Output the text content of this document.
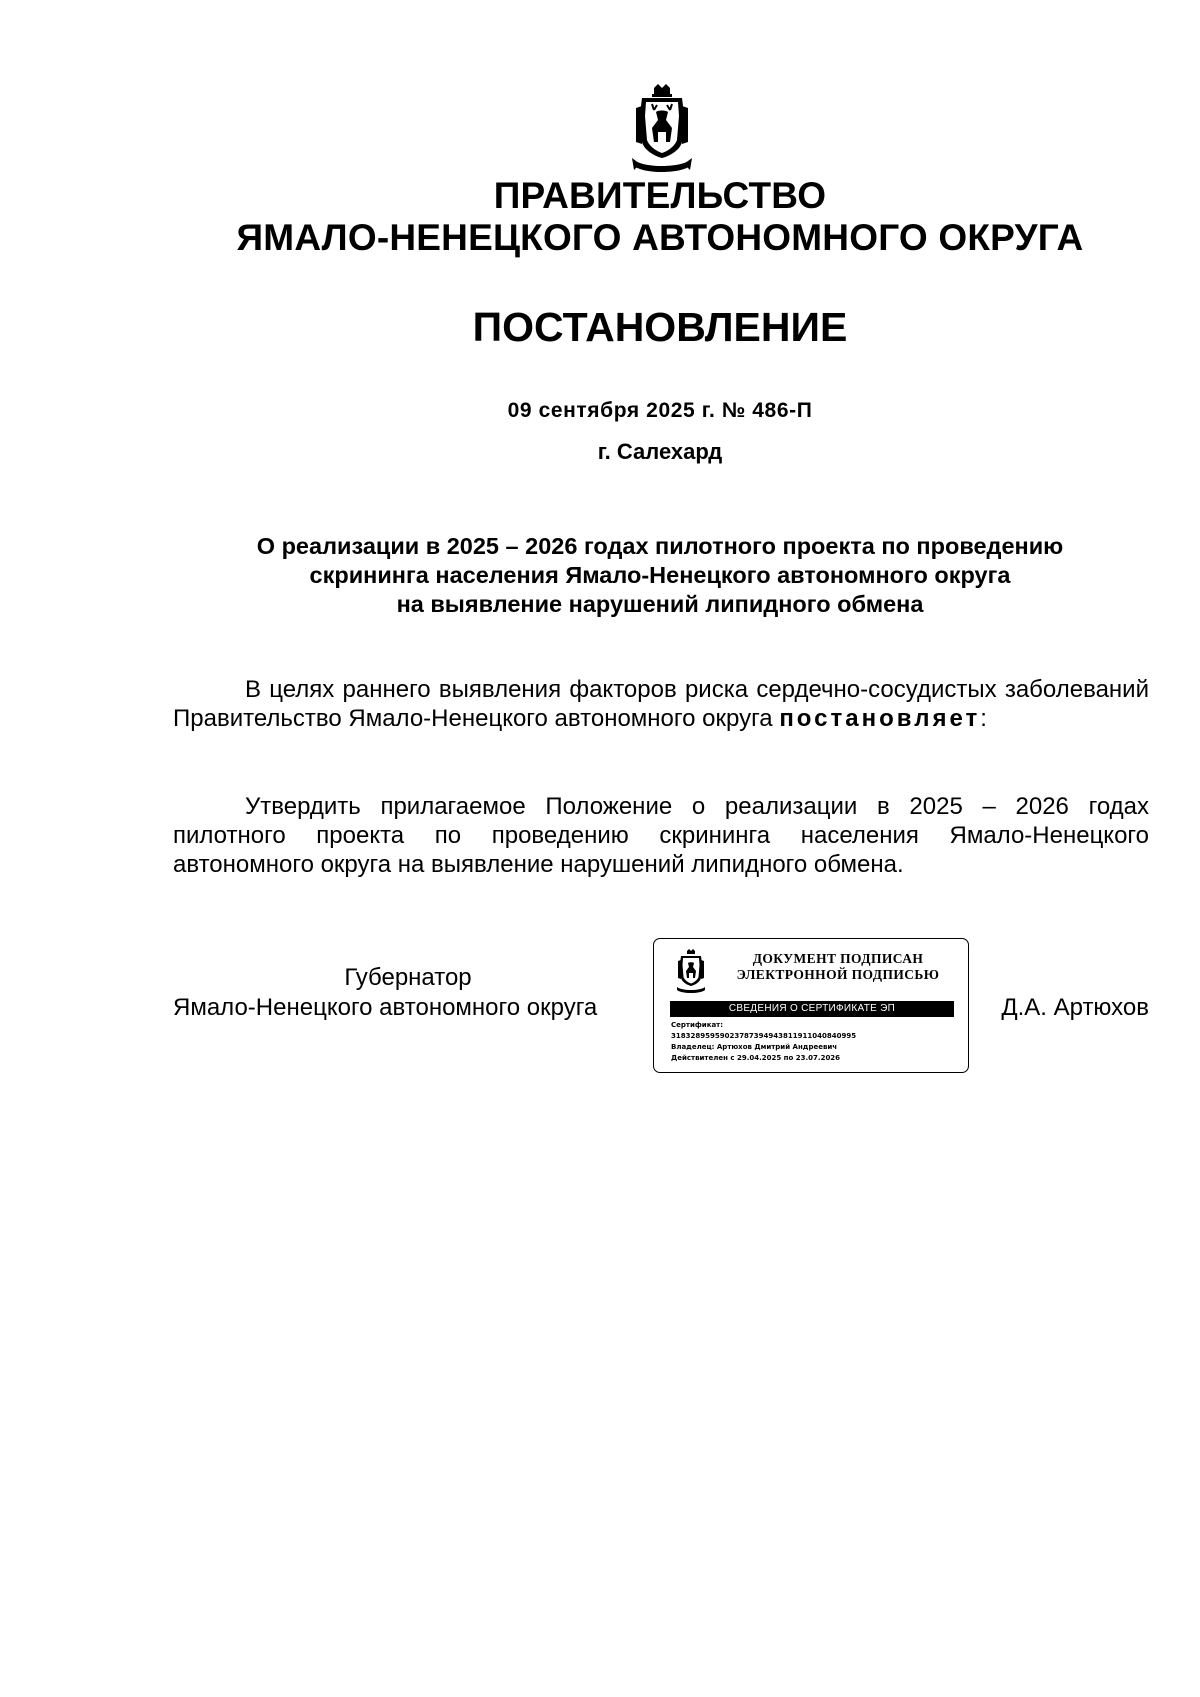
ПРАВИТЕЛЬСТВО
ЯМАЛО-НЕНЕЦКОГО АВТОНОМНОГО ОКРУГА
ПОСТАНОВЛЕНИЕ
09 сентября 2025 г. № 486-П
г. Салехард
О реализации в 2025 – 2026 годах пилотного проекта по проведению
скрининга населения Ямало-Ненецкого автономного округа
на выявление нарушений липидного обмена
В целях раннего выявления факторов риска сердечно-сосудистых заболеваний Правительство Ямало-Ненецкого автономного округа постановляет:
Утвердить прилагаемое Положение о реализации в 2025 – 2026 годах пилотного проекта по проведению скрининга населения Ямало-Ненецкого автономного округа на выявление нарушений липидного обмена.
Губернатор
Ямало-Ненецкого автономного округа	Д.А. Артюхов
ДОКУМЕНТ ПОДПИСАН
ЭЛЕКТРОННОЙ ПОДПИСЬЮ
СВЕДЕНИЯ О СЕРТИФИКАТЕ ЭП
Сертификат:
31832895959023787394943811911040840995
Владелец: Артюхов Дмитрий Андреевич
Действителен с 29.04.2025 по 23.07.2026
